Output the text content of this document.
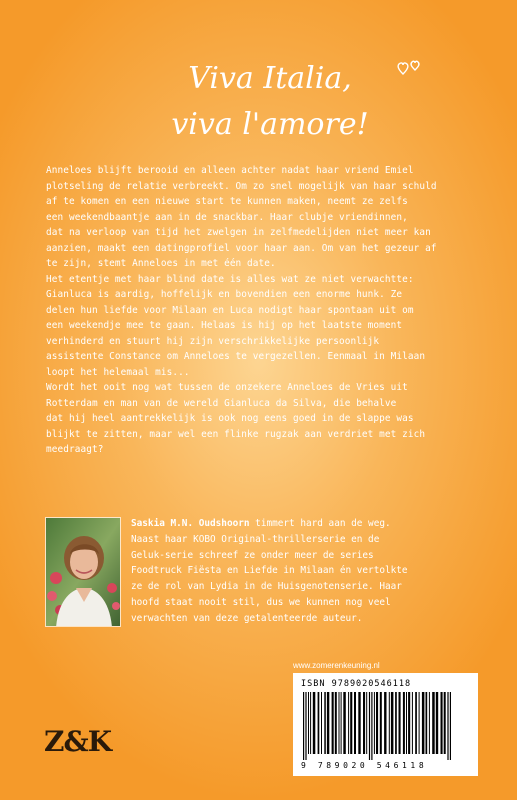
Viva Italia,
viva l'amore!

Anneloes blijft berooid en alleen achter nadat haar vriend Emiel

plotseling de relatie verbreekt. Om zo snel mogelijk van haar schuld

af te komen en een nieuwe start te kunnen maken, neemt ze zelfs

een weekendbaantje aan in de snackbar. Haar clubje vriendinnen,

dat na verloop van tijd het zwelgen in zelfmedelijden niet meer kan

aanzien, maakt een datingprofiel voor haar aan. Om van het gezeur af

te zijn, stemt Anneloes in met één date.

Het etentje met haar blind date is alles wat ze niet verwachtte:

Gianluca is aardig, hoffelijk en bovendien een enorme hunk. Ze

delen hun liefde voor Milaan en Luca nodigt haar spontaan uit om

een weekendje mee te gaan. Helaas is hij op het laatste moment

verhinderd en stuurt hij zijn verschrikkelijke persoonlijk

assistente Constance om Anneloes te vergezellen. Eenmaal in Milaan

loopt het helemaal mis...

Wordt het ooit nog wat tussen de onzekere Anneloes de Vries uit

Rotterdam en man van de wereld Gianluca da Silva, die behalve

dat hij heel aantrekkelijk is ook nog eens goed in de slappe was

blijkt te zitten, maar wel een flinke rugzak aan verdriet met zich

meedraagt?

Saskia M.N. Oudshoorn timmert hard aan de weg.
Naast haar KOBO Original-thrillerserie en de
Geluk-serie schreef ze onder meer de series
Foodtruck Fiësta en Liefde in Milaan én vertolkte
ze de rol van Lydia in de Huisgenotenserie. Haar
hoofd staat nooit stil, dus we kunnen nog veel
verwachten van deze getalenteerde auteur.
www.zomerenkeuning.nl
ISBN 9789020546118
9 789020 546118
Z&K
